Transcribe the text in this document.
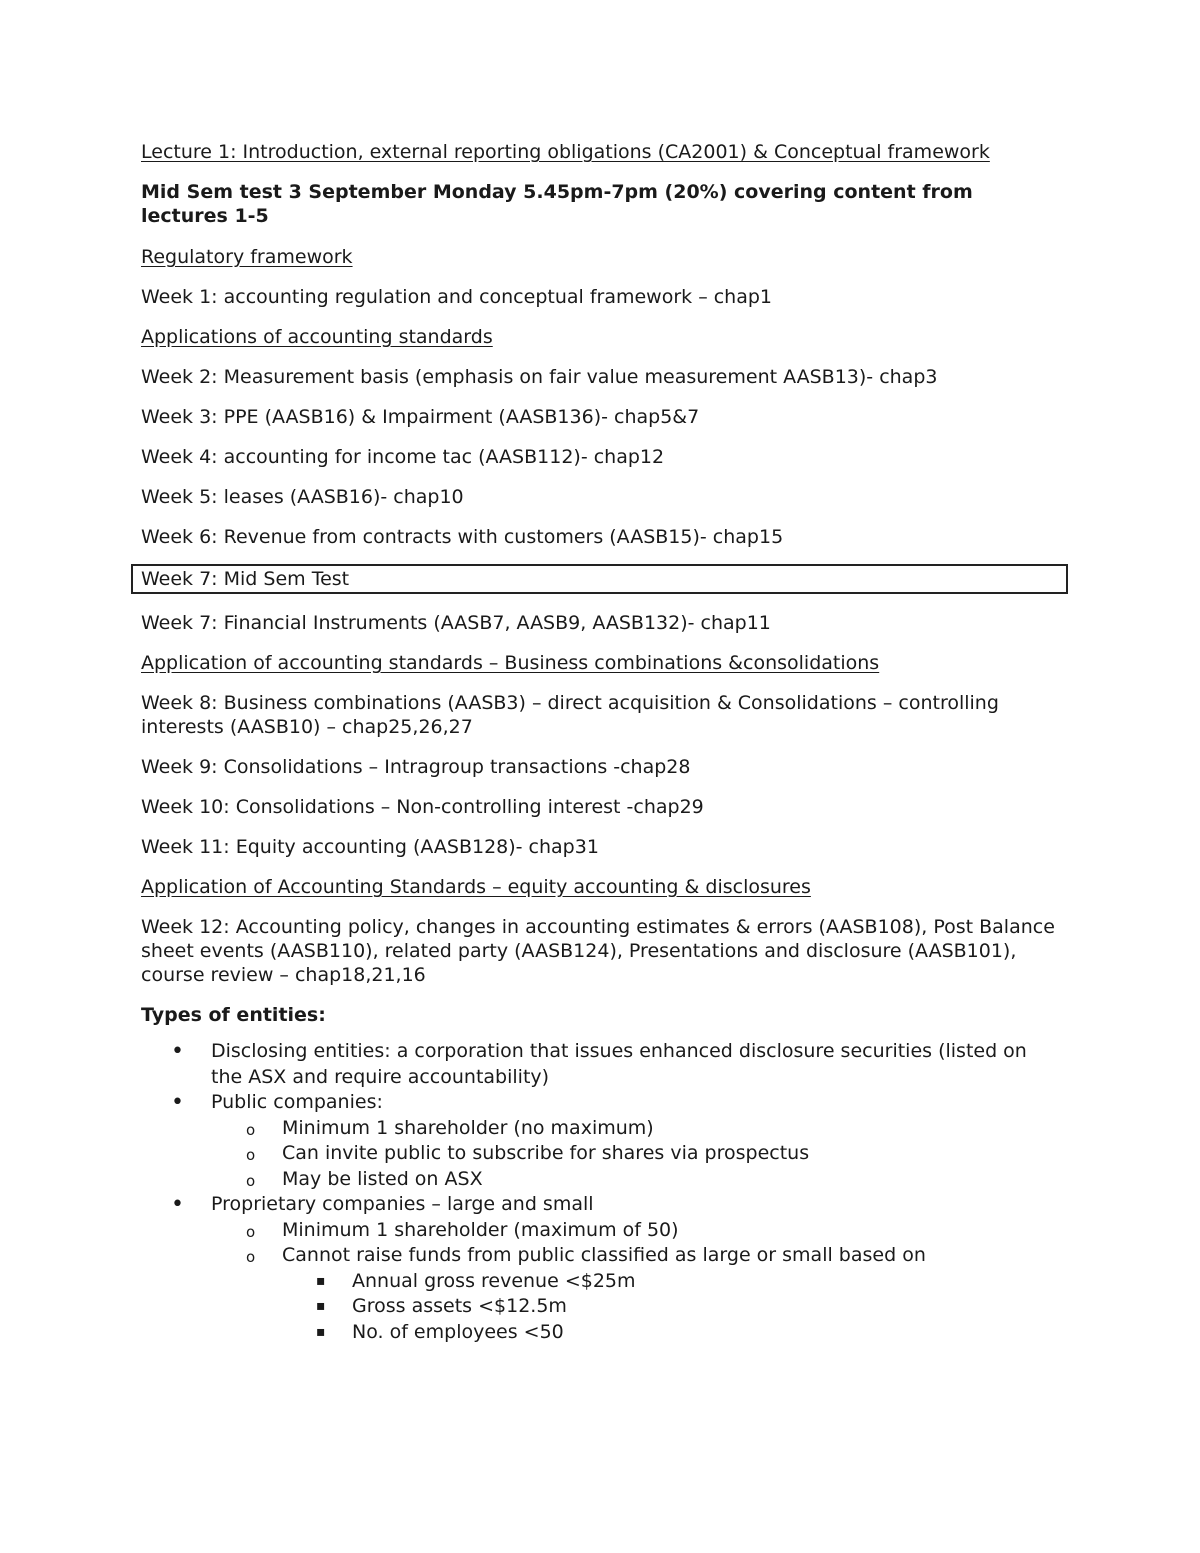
Lecture 1: Introduction, external reporting obligations (CA2001) & Conceptual framework

Mid Sem test 3 September Monday 5.45pm-7pm (20%) covering content from lectures 1-5

Regulatory framework

Week 1: accounting regulation and conceptual framework – chap1

Applications of accounting standards

Week 2: Measurement basis (emphasis on fair value measurement AASB13)- chap3

Week 3: PPE (AASB16) & Impairment (AASB136)- chap5&7

Week 4: accounting for income tac (AASB112)- chap12

Week 5: leases (AASB16)- chap10

Week 6: Revenue from contracts with customers (AASB15)- chap15

Week 7: Mid Sem Test

Week 7: Financial Instruments (AASB7, AASB9, AASB132)- chap11

Application of accounting standards – Business combinations &consolidations

Week 8: Business combinations (AASB3) – direct acquisition & Consolidations – controlling interests (AASB10) – chap25,26,27

Week 9: Consolidations – Intragroup transactions -chap28

Week 10: Consolidations – Non-controlling interest -chap29

Week 11: Equity accounting (AASB128)- chap31

Application of Accounting Standards – equity accounting & disclosures

Week 12: Accounting policy, changes in accounting estimates & errors (AASB108), Post Balance sheet events (AASB110), related party (AASB124), Presentations and disclosure (AASB101), course review – chap18,21,16

Types of entities:

• Disclosing entities: a corporation that issues enhanced disclosure securities (listed on the ASX and require accountability)
• Public companies:
o Minimum 1 shareholder (no maximum)
o Can invite public to subscribe for shares via prospectus
o May be listed on ASX
• Proprietary companies – large and small
o Minimum 1 shareholder (maximum of 50)
o Cannot raise funds from public classified as large or small based on
▪ Annual gross revenue <$25m
▪ Gross assets <$12.5m
▪ No. of employees <50
